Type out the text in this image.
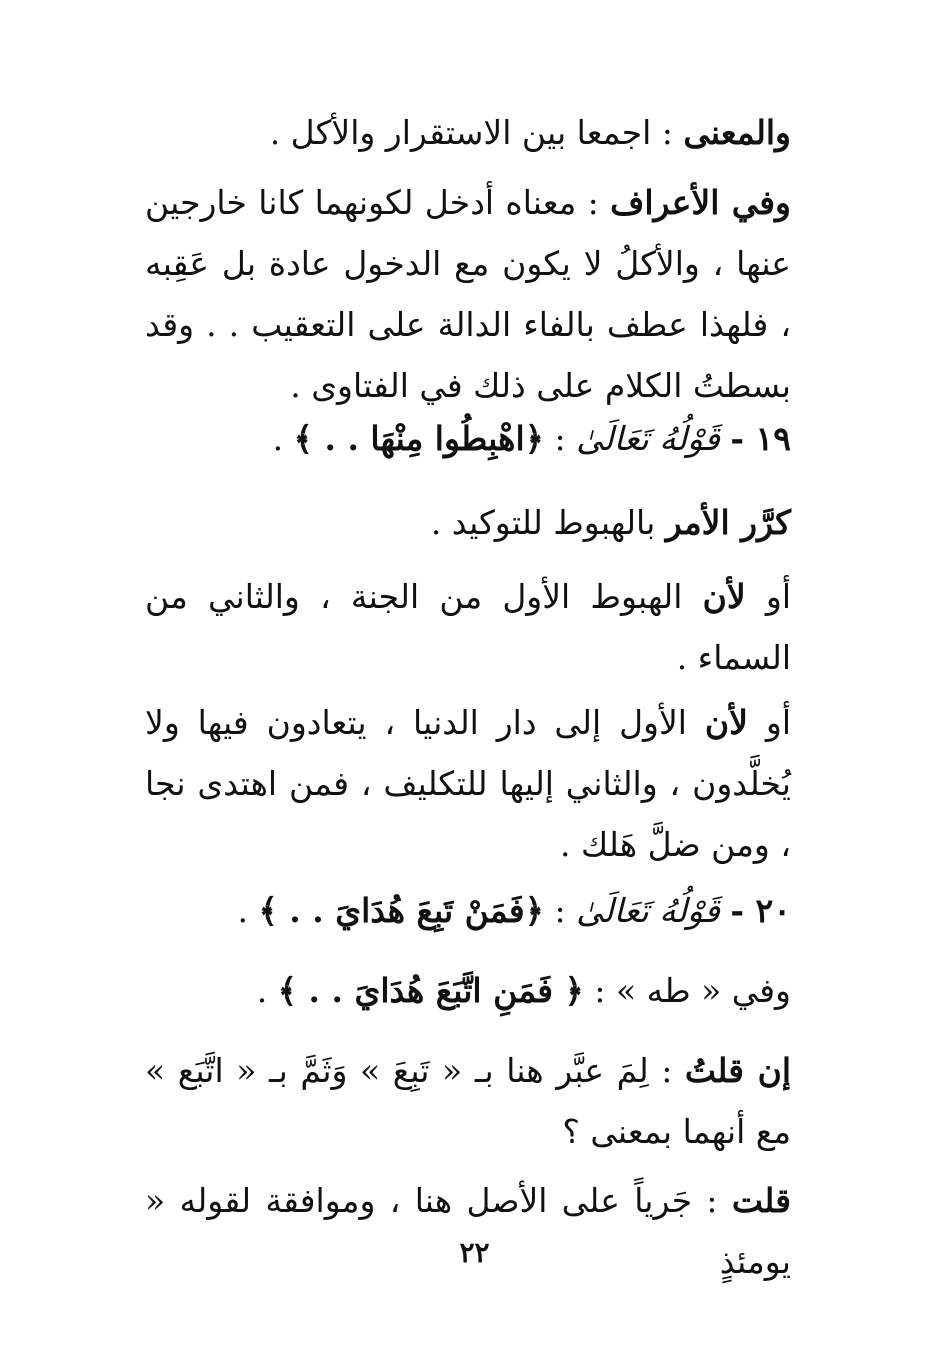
والمعنى : اجمعا بين الاستقرار والأكل .

وفي الأعراف : معناه أدخل لكونهما كانا خارجين عنها ، والأكلُ لا يكون مع الدخول عادة بل عَقِبه ، فلهذا عطف بالفاء الدالة على التعقيب . . وقد بسطتُ الكلام على ذلك في الفتاوى .

١٩ - قَوْلُهُ تَعَالَىٰ : ﴿اهْبِطُوا مِنْهَا . . ﴾ .

كرَّر الأمر بالهبوط للتوكيد .

أو لأن الهبوط الأول من الجنة ، والثاني من السماء .

أو لأن الأول إلى دار الدنيا ، يتعادون فيها ولا يُخلَّدون ، والثاني إليها للتكليف ، فمن اهتدى نجا ، ومن ضلَّ هَلك .

٢٠ - قَوْلُهُ تَعَالَىٰ : ﴿فَمَنْ تَبِعَ هُدَايَ . . ﴾ .

وفي « طه » : ﴿ فَمَنِ اتَّبَعَ هُدَايَ . . ﴾ .

إن قلتُ : لِمَ عبَّر هنا بـ « تَبِعَ » وَثَمَّ بـ « اتَّبَع » مع أنهما بمعنى ؟

قلت : جَرياً على الأصل هنا ، وموافقة لقوله « يومئذٍ

٢٢
